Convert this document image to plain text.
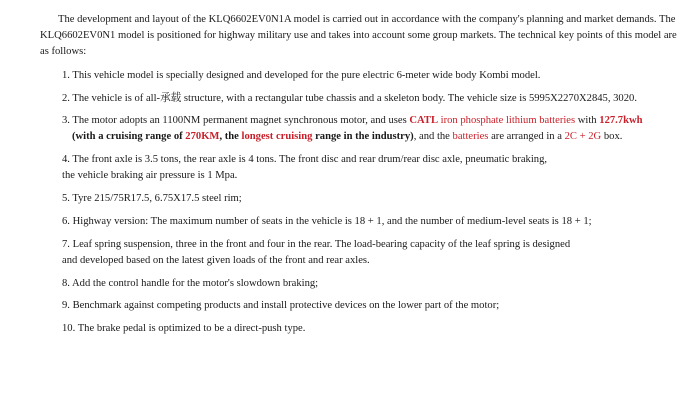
The development and layout of the KLQ6602EV0N1A model is carried out in accordance with the company's planning and market demands. The KLQ6602EV0N1 model is positioned for highway military use and takes into account some group markets. The technical key points of this model are as follows:

1. This vehicle model is specially designed and developed for the pure electric 6-meter wide body Kombi model.
2. The vehicle is of all-承载 structure, with a rectangular tube chassis and a skeleton body. The vehicle size is 5995X2270X2845, 3020.
3. The motor adopts an 1100NM permanent magnet synchronous motor, and uses CATL iron phosphate lithium batteries with 127.7kwh
(with a cruising range of 270KM, the longest cruising range in the industry), and the batteries are arranged in a 2C + 2G box.
4. The front axle is 3.5 tons, the rear axle is 4 tons. The front disc and rear drum/rear disc axle, pneumatic braking,
the vehicle braking air pressure is 1 Mpa.
5. Tyre 215/75R17.5, 6.75X17.5 steel rim;
6. Highway version: The maximum number of seats in the vehicle is 18 + 1, and the number of medium-level seats is 18 + 1;
7. Leaf spring suspension, three in the front and four in the rear. The load-bearing capacity of the leaf spring is designed
and developed based on the latest given loads of the front and rear axles.
8. Add the control handle for the motor's slowdown braking;
9. Benchmark against competing products and install protective devices on the lower part of the motor;
10. The brake pedal is optimized to be a direct-push type.
